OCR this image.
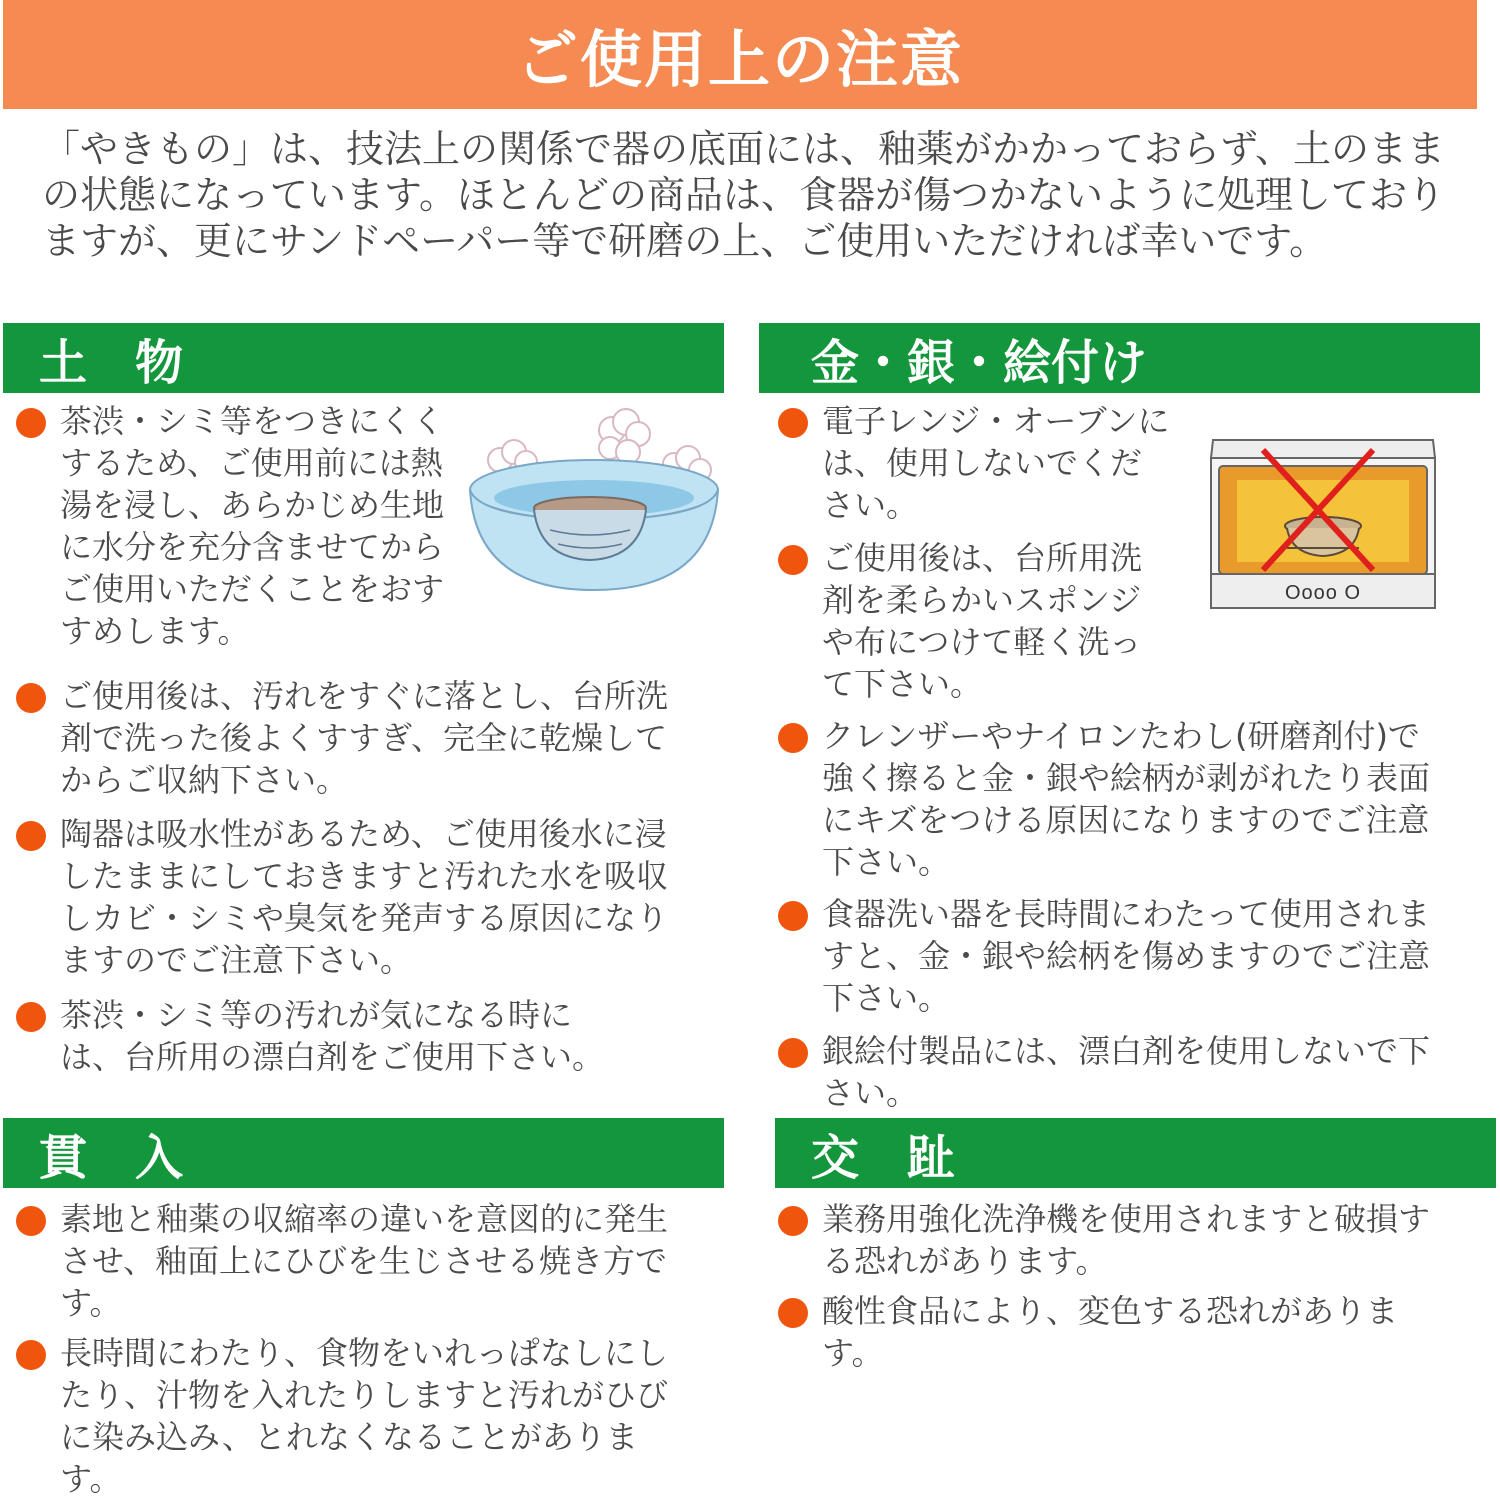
ご使用上の注意

「やきもの」は、技法上の関係で器の底面には、釉薬がかかっておらず、土のままの状態になっています。ほとんどの商品は、食器が傷つかないように処理しておりますが、更にサンドペーパー等で研磨の上、ご使用いただければ幸いです。

土　物

茶渋・シミ等をつきにくくするため、ご使用前には熱湯を浸し、あらかじめ生地に水分を充分含ませてからご使用いただくことをおすすめします。

ご使用後は、汚れをすぐに落とし、台所洗剤で洗った後よくすすぎ、完全に乾燥してからご収納下さい。

陶器は吸水性があるため、ご使用後水に浸したままにしておきますと汚れた水を吸収しカビ・シミや臭気を発声する原因になりますのでご注意下さい。

茶渋・シミ等の汚れが気になる時には、台所用の漂白剤をご使用下さい。

金・銀・絵付け

電子レンジ・オーブンには、使用しないでください。

ご使用後は、台所用洗剤を柔らかいスポンジや布につけて軽く洗って下さい。

クレンザーやナイロンたわし(研磨剤付)で強く擦ると金・銀や絵柄が剥がれたり表面にキズをつける原因になりますのでご注意下さい。

食器洗い器を長時間にわたって使用されますと、金・銀や絵柄を傷めますのでご注意下さい。

銀絵付製品には、漂白剤を使用しないで下さい。

Oooo O
貫　入

素地と釉薬の収縮率の違いを意図的に発生させ、釉面上にひびを生じさせる焼き方です。

長時間にわたり、食物をいれっぱなしにしたり、汁物を入れたりしますと汚れがひびに染み込み、とれなくなることがあります。

交　趾

業務用強化洗浄機を使用されますと破損する恐れがあります。

酸性食品により、変色する恐れがあります。
